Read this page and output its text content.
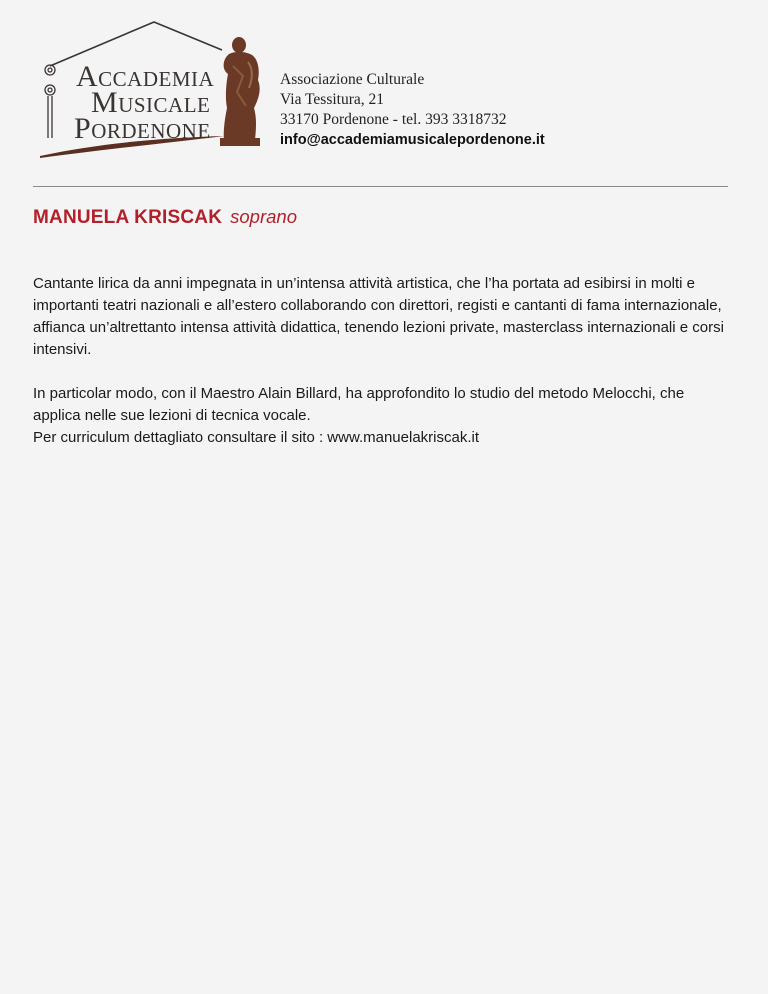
ACCADEMIA
MUSICALE
PORDENONE
Associazione Culturale
Via Tessitura, 21
33170 Pordenone - tel. 393 3318732
info@accademiamusicalepordenone.it
MANUELA KRISCAK soprano

Cantante lirica da anni impegnata in un’intensa attività artistica, che l’ha portata ad esibirsi in molti e importanti teatri nazionali e all’estero collaborando con direttori, registi e cantanti di fama internazionale, affianca un’altrettanto intensa attività didattica, tenendo lezioni private, masterclass internazionali e corsi intensivi.

In particolar modo, con il Maestro Alain Billard, ha approfondito lo studio del metodo Melocchi, che applica nelle sue lezioni di tecnica vocale.
Per curriculum dettagliato consultare il sito : www.manuelakriscak.it
